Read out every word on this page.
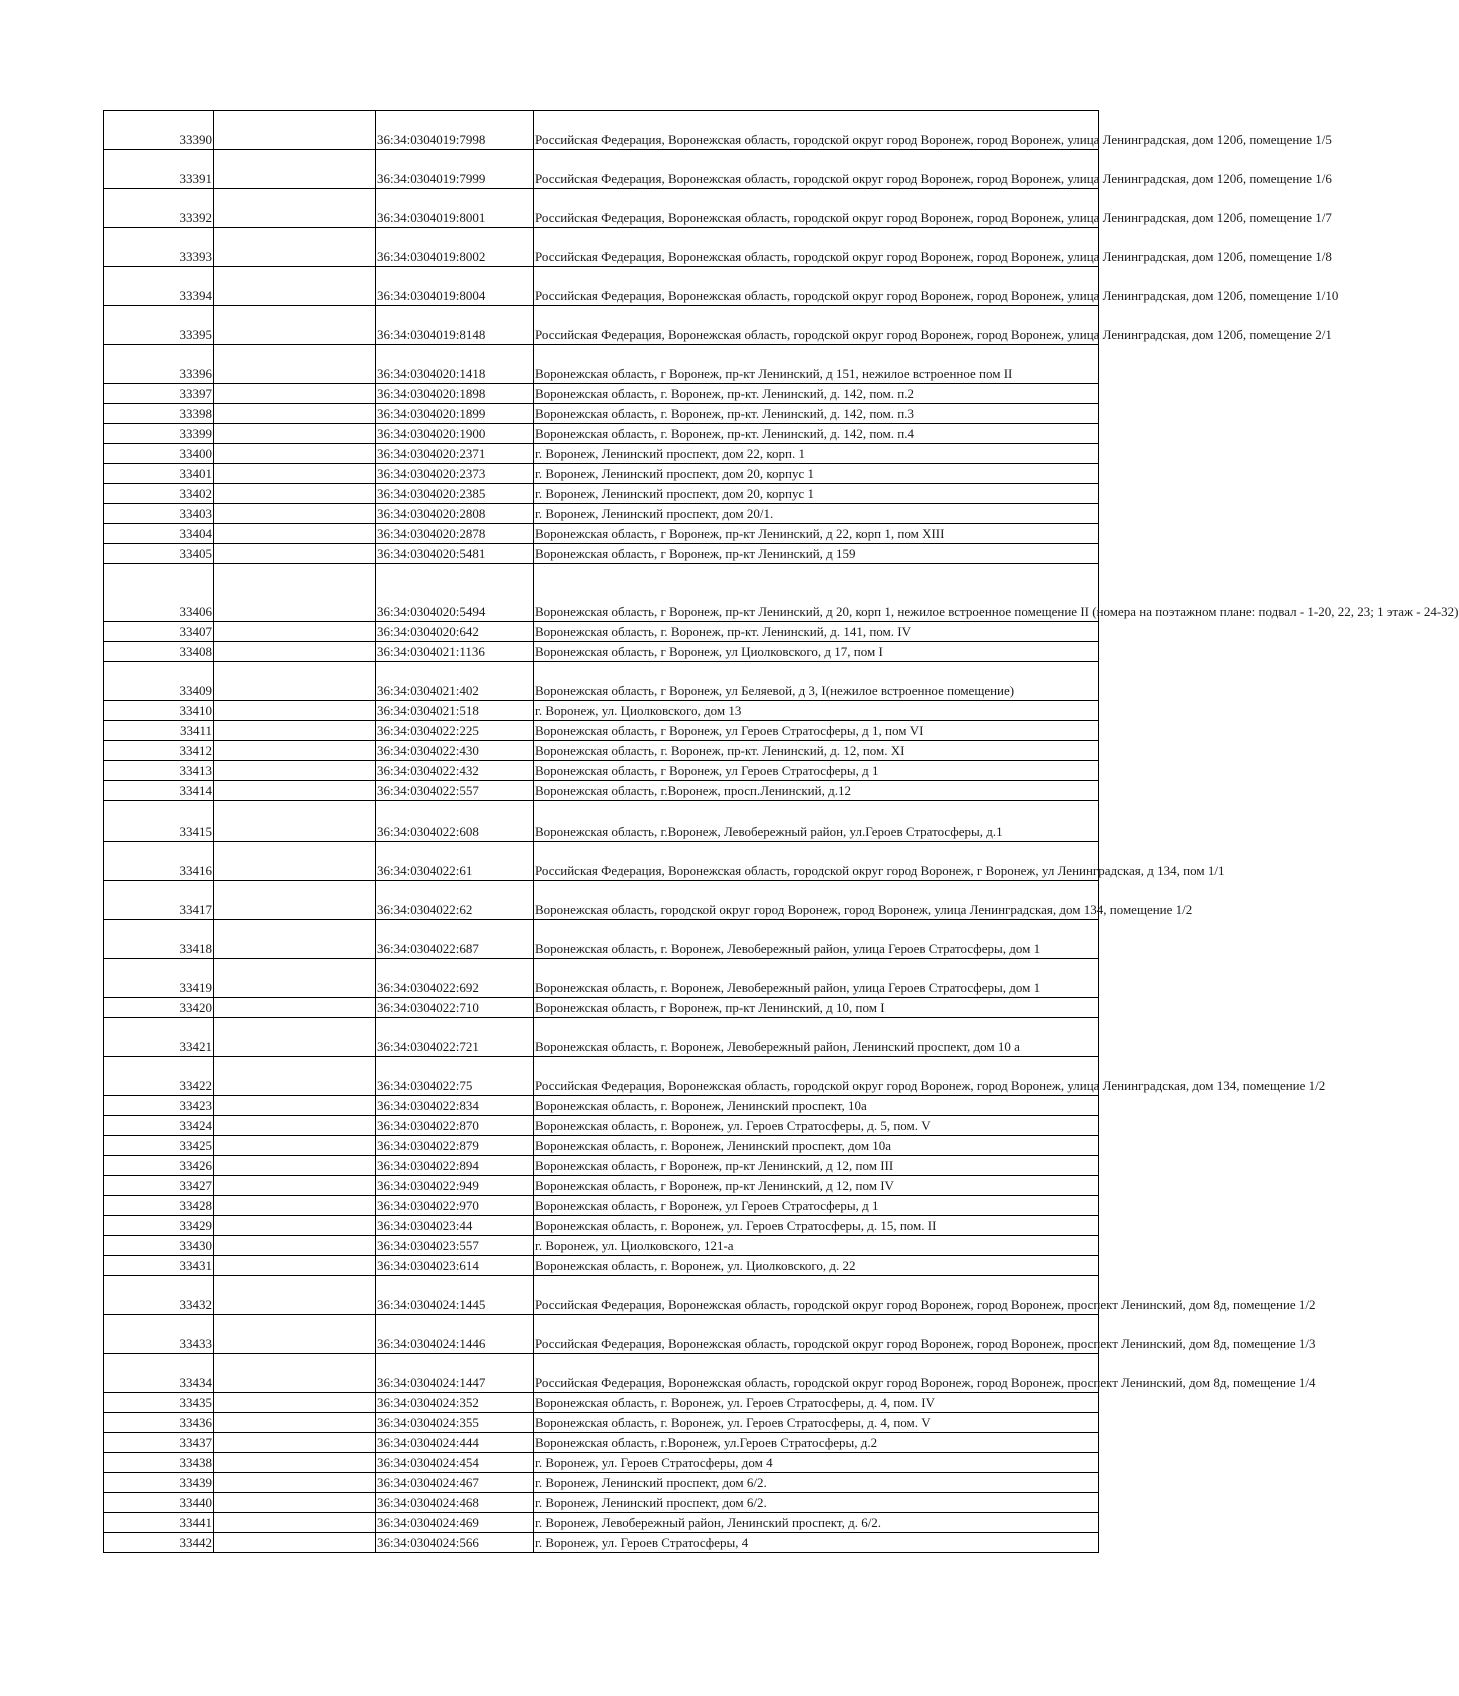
33390		36:34:0304019:7998	Российская Федерация, Воронежская область, городской округ город Воронеж, город Воронеж, улица Ленинградская, дом 120б, помещение 1/5
33391		36:34:0304019:7999	Российская Федерация, Воронежская область, городской округ город Воронеж, город Воронеж, улица Ленинградская, дом 120б, помещение 1/6
33392		36:34:0304019:8001	Российская Федерация, Воронежская область, городской округ город Воронеж, город Воронеж, улица Ленинградская, дом 120б, помещение 1/7
33393		36:34:0304019:8002	Российская Федерация, Воронежская область, городской округ город Воронеж, город Воронеж, улица Ленинградская, дом 120б, помещение 1/8
33394		36:34:0304019:8004	Российская Федерация, Воронежская область, городской округ город Воронеж, город Воронеж, улица Ленинградская, дом 120б, помещение 1/10
33395		36:34:0304019:8148	Российская Федерация, Воронежская область, городской округ город Воронеж, город Воронеж, улица Ленинградская, дом 120б, помещение 2/1
33396		36:34:0304020:1418	Воронежская область, г Воронеж, пр-кт Ленинский, д 151, нежилое встроенное пом II
33397		36:34:0304020:1898	Воронежская область, г. Воронеж, пр-кт. Ленинский, д. 142, пом. п.2
33398		36:34:0304020:1899	Воронежская область, г. Воронеж, пр-кт. Ленинский, д. 142, пом. п.3
33399		36:34:0304020:1900	Воронежская область, г. Воронеж, пр-кт. Ленинский, д. 142, пом. п.4
33400		36:34:0304020:2371	г. Воронеж, Ленинский проспект, дом 22, корп. 1
33401		36:34:0304020:2373	г. Воронеж, Ленинский проспект, дом 20, корпус 1
33402		36:34:0304020:2385	г. Воронеж, Ленинский проспект, дом 20, корпус 1
33403		36:34:0304020:2808	г. Воронеж, Ленинский проспект, дом 20/1.
33404		36:34:0304020:2878	Воронежская область, г Воронеж, пр-кт Ленинский, д 22, корп 1, пом XIII
33405		36:34:0304020:5481	Воронежская область, г Воронеж, пр-кт Ленинский, д 159
33406		36:34:0304020:5494	Воронежская область, г Воронеж, пр-кт Ленинский, д 20, корп 1, нежилое встроенное помещение II (номера на поэтажном плане: подвал - 1-20, 22, 23; 1 этаж - 24-32)
33407		36:34:0304020:642	Воронежская область, г. Воронеж, пр-кт. Ленинский, д. 141, пом. IV
33408		36:34:0304021:1136	Воронежская область, г Воронеж, ул Циолковского, д 17, пом I
33409		36:34:0304021:402	Воронежская область, г Воронеж, ул Беляевой, д 3, I(нежилое встроенное помещение)
33410		36:34:0304021:518	г. Воронеж, ул. Циолковского, дом 13
33411		36:34:0304022:225	Воронежская область, г Воронеж, ул Героев Стратосферы, д 1, пом VI
33412		36:34:0304022:430	Воронежская область, г. Воронеж, пр-кт. Ленинский, д. 12, пом. XI
33413		36:34:0304022:432	Воронежская область, г Воронеж, ул Героев Стратосферы, д 1
33414		36:34:0304022:557	Воронежская область, г.Воронеж, просп.Ленинский, д.12
33415		36:34:0304022:608	Воронежская область, г.Воронеж, Левобережный район, ул.Героев Стратосферы, д.1
33416		36:34:0304022:61	Российская Федерация, Воронежская область, городской округ город Воронеж, г Воронеж, ул Ленинградская, д 134, пом 1/1
33417		36:34:0304022:62	Воронежская область, городской округ город Воронеж, город Воронеж, улица Ленинградская, дом 134, помещение 1/2
33418		36:34:0304022:687	Воронежская область, г. Воронеж, Левобережный район, улица Героев Стратосферы, дом 1
33419		36:34:0304022:692	Воронежская область, г. Воронеж, Левобережный район, улица Героев Стратосферы, дом 1
33420		36:34:0304022:710	Воронежская область, г Воронеж, пр-кт Ленинский, д 10, пом I
33421		36:34:0304022:721	Воронежская область, г. Воронеж, Левобережный район, Ленинский проспект, дом 10 а
33422		36:34:0304022:75	Российская Федерация, Воронежская область, городской округ город Воронеж, город Воронеж, улица Ленинградская, дом 134, помещение 1/2
33423		36:34:0304022:834	Воронежская область, г. Воронеж, Ленинский проспект, 10а
33424		36:34:0304022:870	Воронежская область, г. Воронеж, ул. Героев Стратосферы, д. 5, пом. V
33425		36:34:0304022:879	Воронежская область, г. Воронеж, Ленинский проспект, дом 10а
33426		36:34:0304022:894	Воронежская область, г Воронеж, пр-кт Ленинский, д 12, пом III
33427		36:34:0304022:949	Воронежская область, г Воронеж, пр-кт Ленинский, д 12, пом IV
33428		36:34:0304022:970	Воронежская область, г Воронеж, ул Героев Стратосферы, д 1
33429		36:34:0304023:44	Воронежская область, г. Воронеж, ул. Героев Стратосферы, д. 15, пом. II
33430		36:34:0304023:557	г. Воронеж, ул. Циолковского, 121-а
33431		36:34:0304023:614	Воронежская область, г. Воронеж, ул. Циолковского, д. 22
33432		36:34:0304024:1445	Российская Федерация, Воронежская область, городской округ город Воронеж, город Воронеж, проспект Ленинский, дом 8д, помещение 1/2
33433		36:34:0304024:1446	Российская Федерация, Воронежская область, городской округ город Воронеж, город Воронеж, проспект Ленинский, дом 8д, помещение 1/3
33434		36:34:0304024:1447	Российская Федерация, Воронежская область, городской округ город Воронеж, город Воронеж, проспект Ленинский, дом 8д, помещение 1/4
33435		36:34:0304024:352	Воронежская область, г. Воронеж, ул. Героев Стратосферы, д. 4, пом. IV
33436		36:34:0304024:355	Воронежская область, г. Воронеж, ул. Героев Стратосферы, д. 4, пом. V
33437		36:34:0304024:444	Воронежская область, г.Воронеж, ул.Героев Стратосферы, д.2
33438		36:34:0304024:454	г. Воронеж, ул. Героев Стратосферы, дом 4
33439		36:34:0304024:467	г. Воронеж, Ленинский проспект, дом 6/2.
33440		36:34:0304024:468	г. Воронеж, Ленинский проспект, дом 6/2.
33441		36:34:0304024:469	г. Воронеж, Левобережный район, Ленинский проспект, д. 6/2.
33442		36:34:0304024:566	г. Воронеж, ул. Героев Стратосферы, 4
